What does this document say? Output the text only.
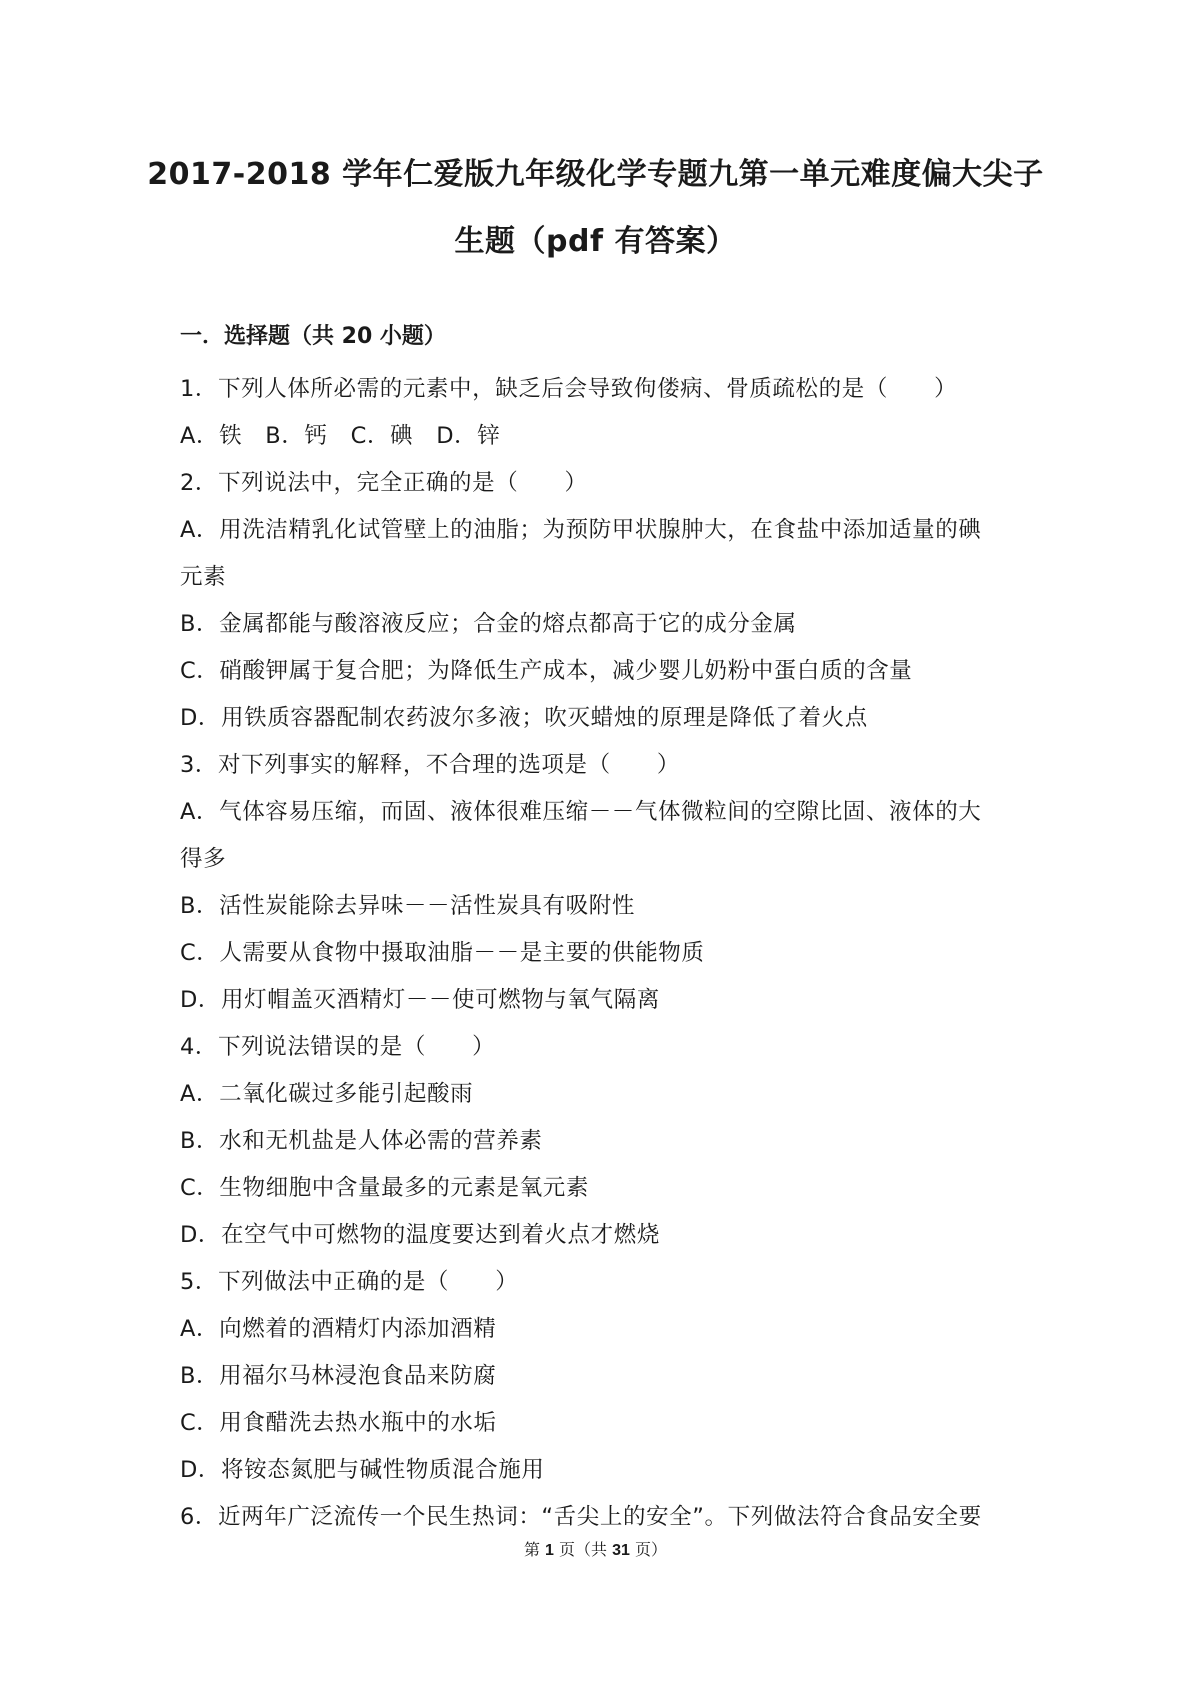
2017-2018 学年仁爱版九年级化学专题九第一单元难度偏大尖子
生题（pdf 有答案）
一．选择题（共 20 小题）
1．下列人体所必需的元素中，缺乏后会导致佝偻病、骨质疏松的是（　　）
A．铁　B．钙　C．碘　D．锌
2．下列说法中，完全正确的是（　　）
A．用洗洁精乳化试管壁上的油脂；为预防甲状腺肿大，在食盐中添加适量的碘
元素
B．金属都能与酸溶液反应；合金的熔点都高于它的成分金属
C．硝酸钾属于复合肥；为降低生产成本，减少婴儿奶粉中蛋白质的含量
D．用铁质容器配制农药波尔多液；吹灭蜡烛的原理是降低了着火点
3．对下列事实的解释，不合理的选项是（　　）
A．气体容易压缩，而固、液体很难压缩－－气体微粒间的空隙比固、液体的大
得多
B．活性炭能除去异味－－活性炭具有吸附性
C．人需要从食物中摄取油脂－－是主要的供能物质
D．用灯帽盖灭酒精灯－－使可燃物与氧气隔离
4．下列说法错误的是（　　）
A．二氧化碳过多能引起酸雨
B．水和无机盐是人体必需的营养素
C．生物细胞中含量最多的元素是氧元素
D．在空气中可燃物的温度要达到着火点才燃烧
5．下列做法中正确的是（　　）
A．向燃着的酒精灯内添加酒精
B．用福尔马林浸泡食品来防腐
C．用食醋洗去热水瓶中的水垢
D．将铵态氮肥与碱性物质混合施用
6．近两年广泛流传一个民生热词：“舌尖上的安全”。下列做法符合食品安全要
第 1 页（共 31 页）
